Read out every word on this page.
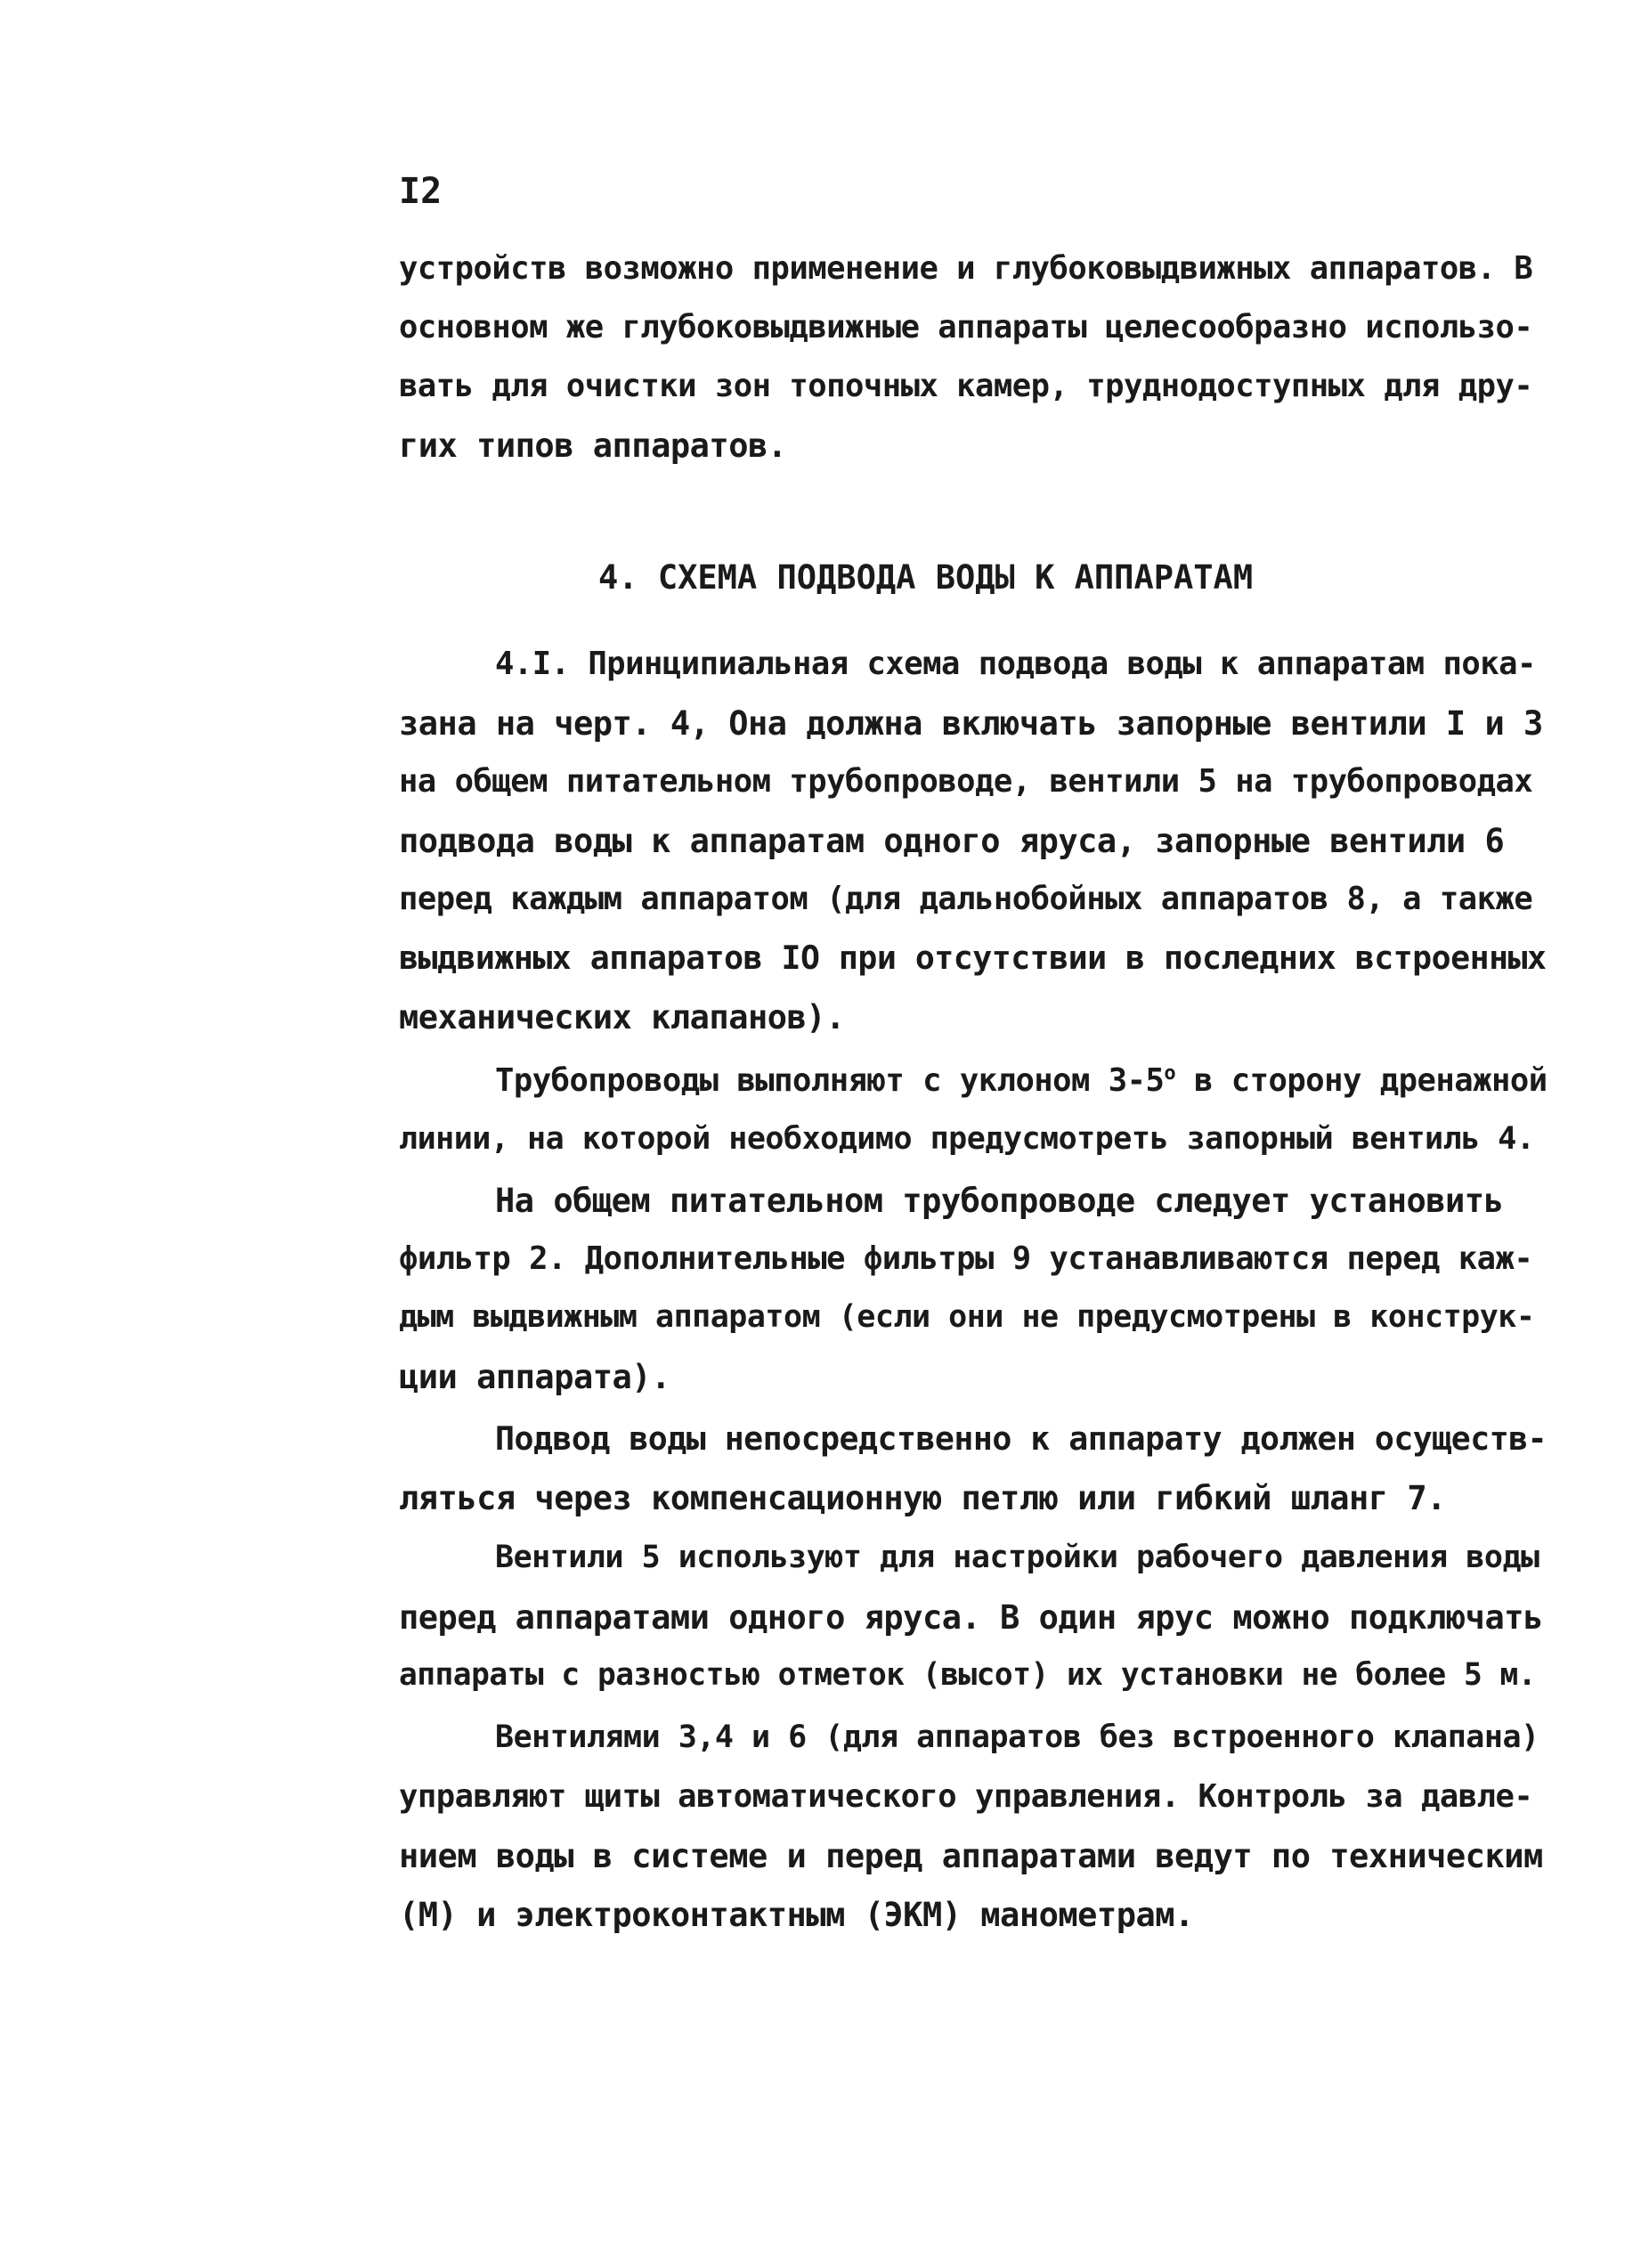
I2
устройств возможно применение и глубоковыдвижных аппаратов. В
основном же глубоковыдвижные аппараты целесообразно использо-
вать для очистки зон топочных камер, труднодоступных для дру-
гих типов аппаратов.
4. СХЕМА ПОДВОДА ВОДЫ К АППАРАТАМ
4.I. Принципиальная схема подвода воды к аппаратам пока-
зана на черт. 4, Она должна включать запорные вентили I и 3
на общем питательном трубопроводе, вентили 5 на трубопроводах
подвода воды к аппаратам одного яруса, запорные вентили 6
перед каждым аппаратом (для дальнобойных аппаратов 8, а также
выдвижных аппаратов IO при отсутствии в последних встроенных
механических клапанов).
Трубопроводы выполняют с уклоном $3-5^о$ в сторону дренажной
линии, на которой необходимо предусмотреть запорный вентиль 4.
На общем питательном трубопроводе следует установить
фильтр 2. Дополнительные фильтры 9 устанавливаются перед каж-
дым выдвижным аппаратом (если они не предусмотрены в конструк-
ции аппарата).
Подвод воды непосредственно к аппарату должен осуществ-
ляться через компенсационную петлю или гибкий шланг 7.
Вентили 5 используют для настройки рабочего давления воды
перед аппаратами одного яруса. В один ярус можно подключать
аппараты с разностью отметок (высот) их установки не более 5 м.
Вентилями 3,4 и 6 (для аппаратов без встроенного клапана)
управляют щиты автоматического управления. Контроль за давле-
нием воды в системе и перед аппаратами ведут по техническим
(М) и электроконтактным (ЭКМ) манометрам.
